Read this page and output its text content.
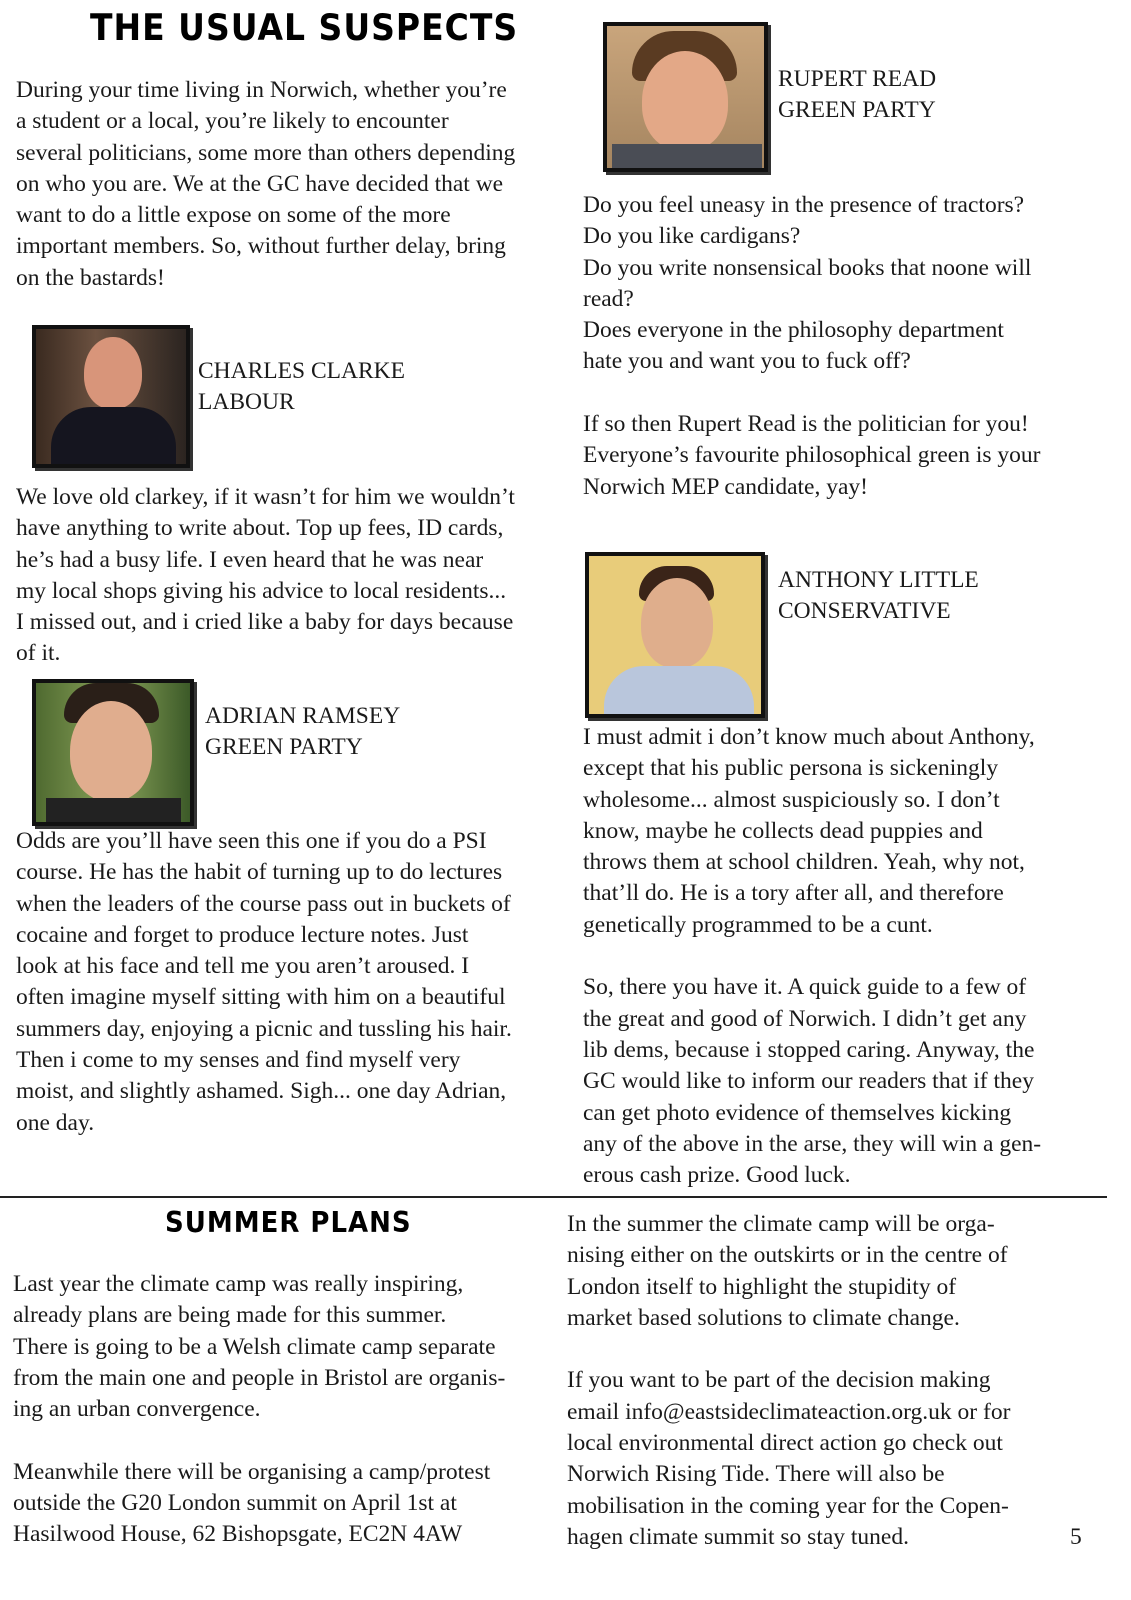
THE USUAL SUSPECTS
During your time living in Norwich, whether you’re
a student or a local, you’re likely to encounter
several politicians, some more than others depending
on who you are. We at the GC have decided that we
want to do a little expose on some of the more
important members. So, without further delay, bring
on the bastards!
CHARLES CLARKE
LABOUR
We love old clarkey, if it wasn’t for him we wouldn’t
have anything to write about. Top up fees, ID cards,
he’s had a busy life. I even heard that he was near
my local shops giving his advice to local residents...
I missed out, and i cried like a baby for days because
of it.
ADRIAN RAMSEY
GREEN PARTY
Odds are you’ll have seen this one if you do a PSI
course. He has the habit of turning up to do lectures
when the leaders of the course pass out in buckets of
cocaine and forget to produce lecture notes. Just
look at his face and tell me you aren’t aroused. I
often imagine myself sitting with him on a beautiful
summers day, enjoying a picnic and tussling his hair.
Then i come to my senses and find myself very
moist, and slightly ashamed. Sigh... one day Adrian,
one day.
RUPERT READ
GREEN PARTY
Do you feel uneasy in the presence of tractors?
Do you like cardigans?
Do you write nonsensical books that noone will
read?
Does everyone in the philosophy department
hate you and want you to fuck off?
If so then Rupert Read is the politician for you!
Everyone’s favourite philosophical green is your
Norwich MEP candidate, yay!
ANTHONY LITTLE
CONSERVATIVE
I must admit i don’t know much about Anthony,
except that his public persona is sickeningly
wholesome... almost suspiciously so. I don’t
know, maybe he collects dead puppies and
throws them at school children. Yeah, why not,
that’ll do. He is a tory after all, and therefore
genetically programmed to be a cunt.
So, there you have it. A quick guide to a few of
the great and good of Norwich. I didn’t get any
lib dems, because i stopped caring. Anyway, the
GC would like to inform our readers that if they
can get photo evidence of themselves kicking
any of the above in the arse, they will win a gen-
erous cash prize. Good luck.
SUMMER PLANS
Last year the climate camp was really inspiring,
already plans are being made for this summer.
There is going to be a Welsh climate camp separate
from the main one and people in Bristol are organis-
ing an urban convergence.
Meanwhile there will be organising a camp/protest
outside the G20 London summit on April 1st at
Hasilwood House, 62 Bishopsgate, EC2N 4AW
In the summer the climate camp will be orga-
nising either on the outskirts or in the centre of
London itself to highlight the stupidity of
market based solutions to climate change.
If you want to be part of the decision making
email info@eastsideclimateaction.org.uk or for
local environmental direct action go check out
Norwich Rising Tide. There will also be
mobilisation in the coming year for the Copen-
hagen climate summit so stay tuned.	5
